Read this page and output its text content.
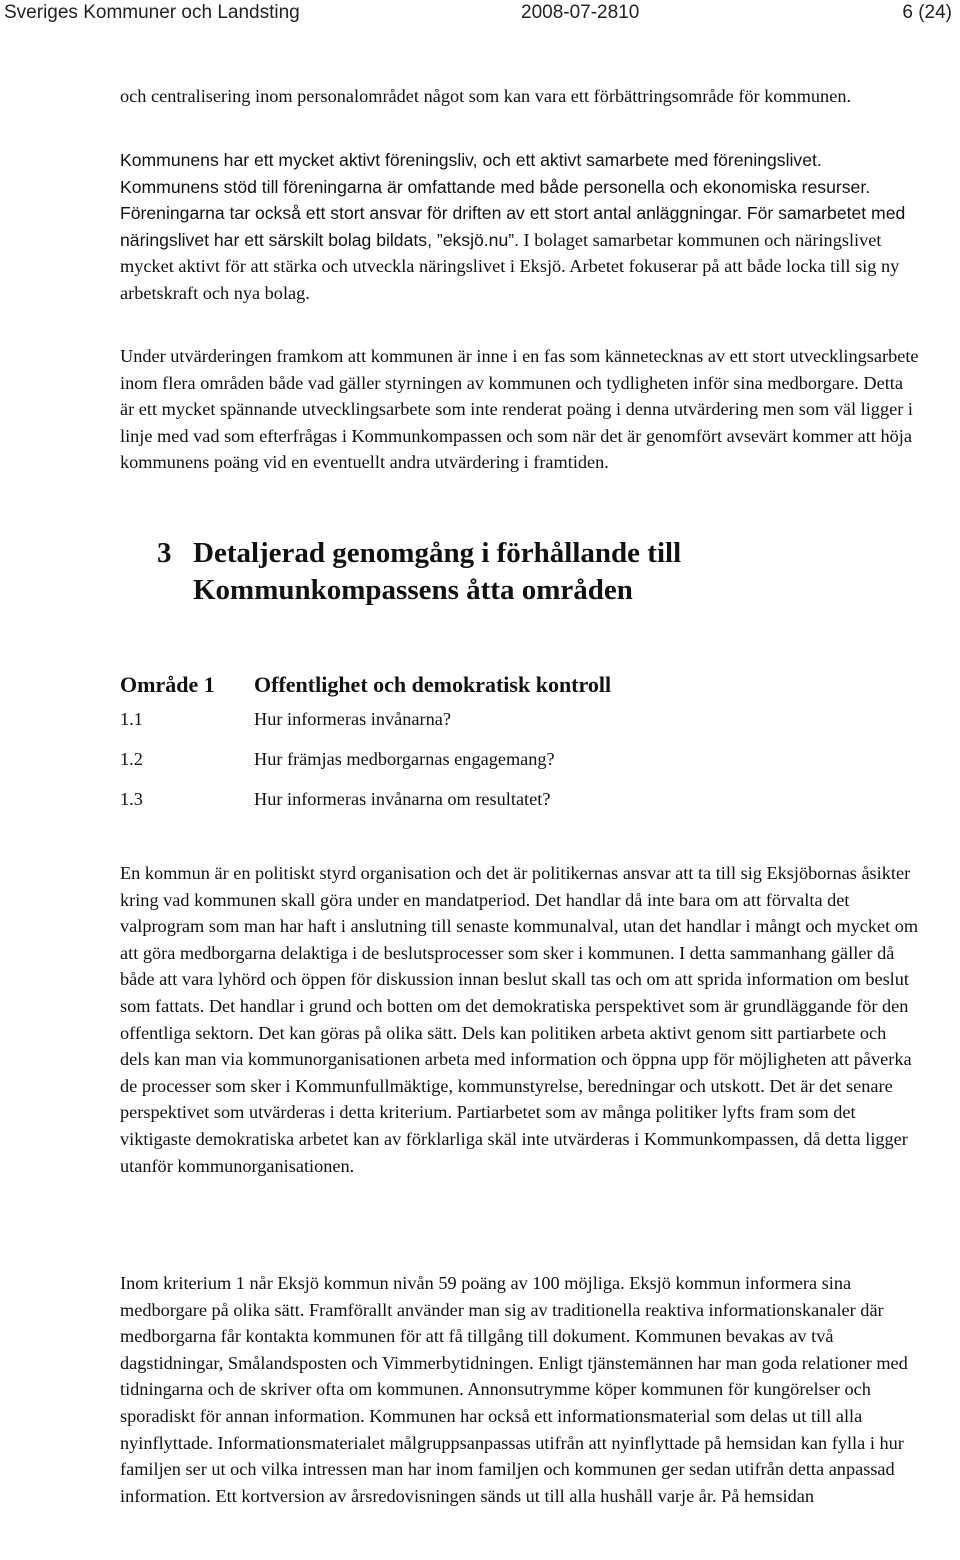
Sveriges Kommuner och Landsting	2008-07-2810	6 (24)

och centralisering inom personalområdet något som kan vara ett förbättringsområde för kommunen.

Kommunens har ett mycket aktivt föreningsliv, och ett aktivt samarbete med föreningslivet. Kommunens stöd till föreningarna är omfattande med både personella och ekonomiska resurser. Föreningarna tar också ett stort ansvar för driften av ett stort antal anläggningar. För samarbetet med näringslivet har ett särskilt bolag bildats, ”eksjö.nu”. I bolaget samarbetar kommunen och näringslivet mycket aktivt för att stärka och utveckla näringslivet i Eksjö. Arbetet fokuserar på att både locka till sig ny arbetskraft och nya bolag.

Under utvärderingen framkom att kommunen är inne i en fas som kännetecknas av ett stort utvecklingsarbete inom flera områden både vad gäller styrningen av kommunen och tydligheten inför sina medborgare. Detta är ett mycket spännande utvecklingsarbete som inte renderat poäng i denna utvärdering men som väl ligger i linje med vad som efterfrågas i Kommunkompassen och som när det är genomfört avsevärt kommer att höja kommunens poäng vid en eventuellt andra utvärdering i framtiden.

3 Detaljerad genomgång i förhållande till Kommunkompassens åtta områden
Område 1 Offentlighet och demokratisk kontroll
1.1	Hur informeras invånarna?
1.2	Hur främjas medborgarnas engagemang?
1.3	Hur informeras invånarna om resultatet?

En kommun är en politiskt styrd organisation och det är politikernas ansvar att ta till sig Eksjöbornas åsikter kring vad kommunen skall göra under en mandatperiod. Det handlar då inte bara om att förvalta det valprogram som man har haft i anslutning till senaste kommunalval, utan det handlar i mångt och mycket om att göra medborgarna delaktiga i de beslutsprocesser som sker i kommunen. I detta sammanhang gäller då både att vara lyhörd och öppen för diskussion innan beslut skall tas och om att sprida information om beslut som fattats. Det handlar i grund och botten om det demokratiska perspektivet som är grundläggande för den offentliga sektorn. Det kan göras på olika sätt. Dels kan politiken arbeta aktivt genom sitt partiarbete och dels kan man via kommunorganisationen arbeta med information och öppna upp för möjligheten att påverka de processer som sker i Kommunfullmäktige, kommunstyrelse, beredningar och utskott. Det är det senare perspektivet som utvärderas i detta kriterium. Partiarbetet som av många politiker lyfts fram som det viktigaste demokratiska arbetet kan av förklarliga skäl inte utvärderas i Kommunkompassen, då detta ligger utanför kommunorganisationen.

Inom kriterium 1 når Eksjö kommun nivån 59 poäng av 100 möjliga. Eksjö kommun informera sina medborgare på olika sätt. Framförallt använder man sig av traditionella reaktiva informationskanaler där medborgarna får kontakta kommunen för att få tillgång till dokument. Kommunen bevakas av två dagstidningar, Smålandsposten och Vimmerbytidningen. Enligt tjänstemännen har man goda relationer med tidningarna och de skriver ofta om kommunen. Annonsutrymme köper kommunen för kungörelser och sporadiskt för annan information. Kommunen har också ett informationsmaterial som delas ut till alla nyinflyttade. Informationsmaterialet målgruppsanpassas utifrån att nyinflyttade på hemsidan kan fylla i hur familjen ser ut och vilka intressen man har inom familjen och kommunen ger sedan utifrån detta anpassad information. Ett kortversion av årsredovisningen sänds ut till alla hushåll varje år. På hemsidan
